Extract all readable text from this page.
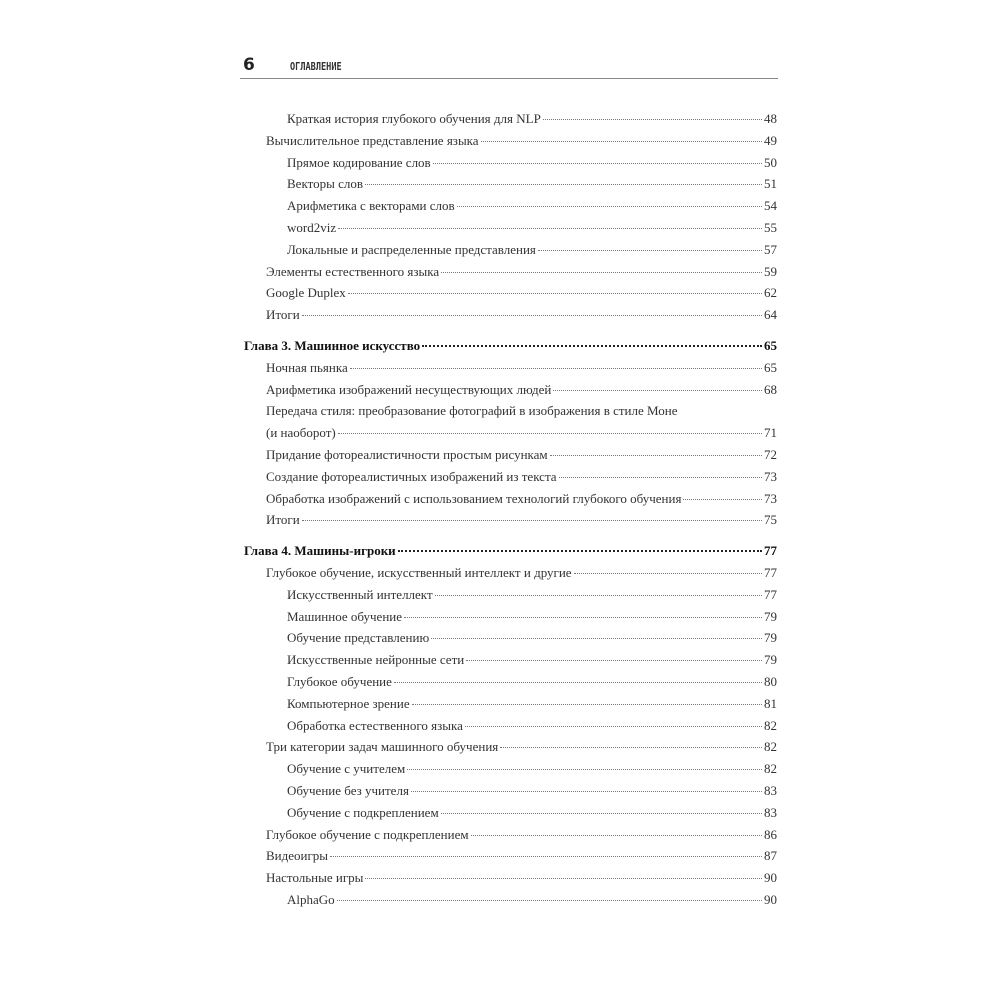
6	ОГЛАВЛЕНИЕ
Краткая история глубокого обучения для NLP	48
Вычислительное представление языка	49
Прямое кодирование слов	50
Векторы слов	51
Арифметика с векторами слов	54
word2viz	55
Локальные и распределенные представления	57
Элементы естественного языка	59
Google Duplex	62
Итоги	64
Глава 3. Машинное искусство	65
Ночная пьянка	65
Арифметика изображений несуществующих людей	68
Передача стиля: преобразование фотографий в изображения в стиле Моне
(и наоборот)	71
Придание фотореалистичности простым рисункам	72
Создание фотореалистичных изображений из текста	73
Обработка изображений с использованием технологий глубокого обучения	73
Итоги	75
Глава 4. Машины-игроки	77
Глубокое обучение, искусственный интеллект и другие	77
Искусственный интеллект	77
Машинное обучение	79
Обучение представлению	79
Искусственные нейронные сети	79
Глубокое обучение	80
Компьютерное зрение	81
Обработка естественного языка	82
Три категории задач машинного обучения	82
Обучение с учителем	82
Обучение без учителя	83
Обучение с подкреплением	83
Глубокое обучение с подкреплением	86
Видеоигры	87
Настольные игры	90
AlphaGo	90
